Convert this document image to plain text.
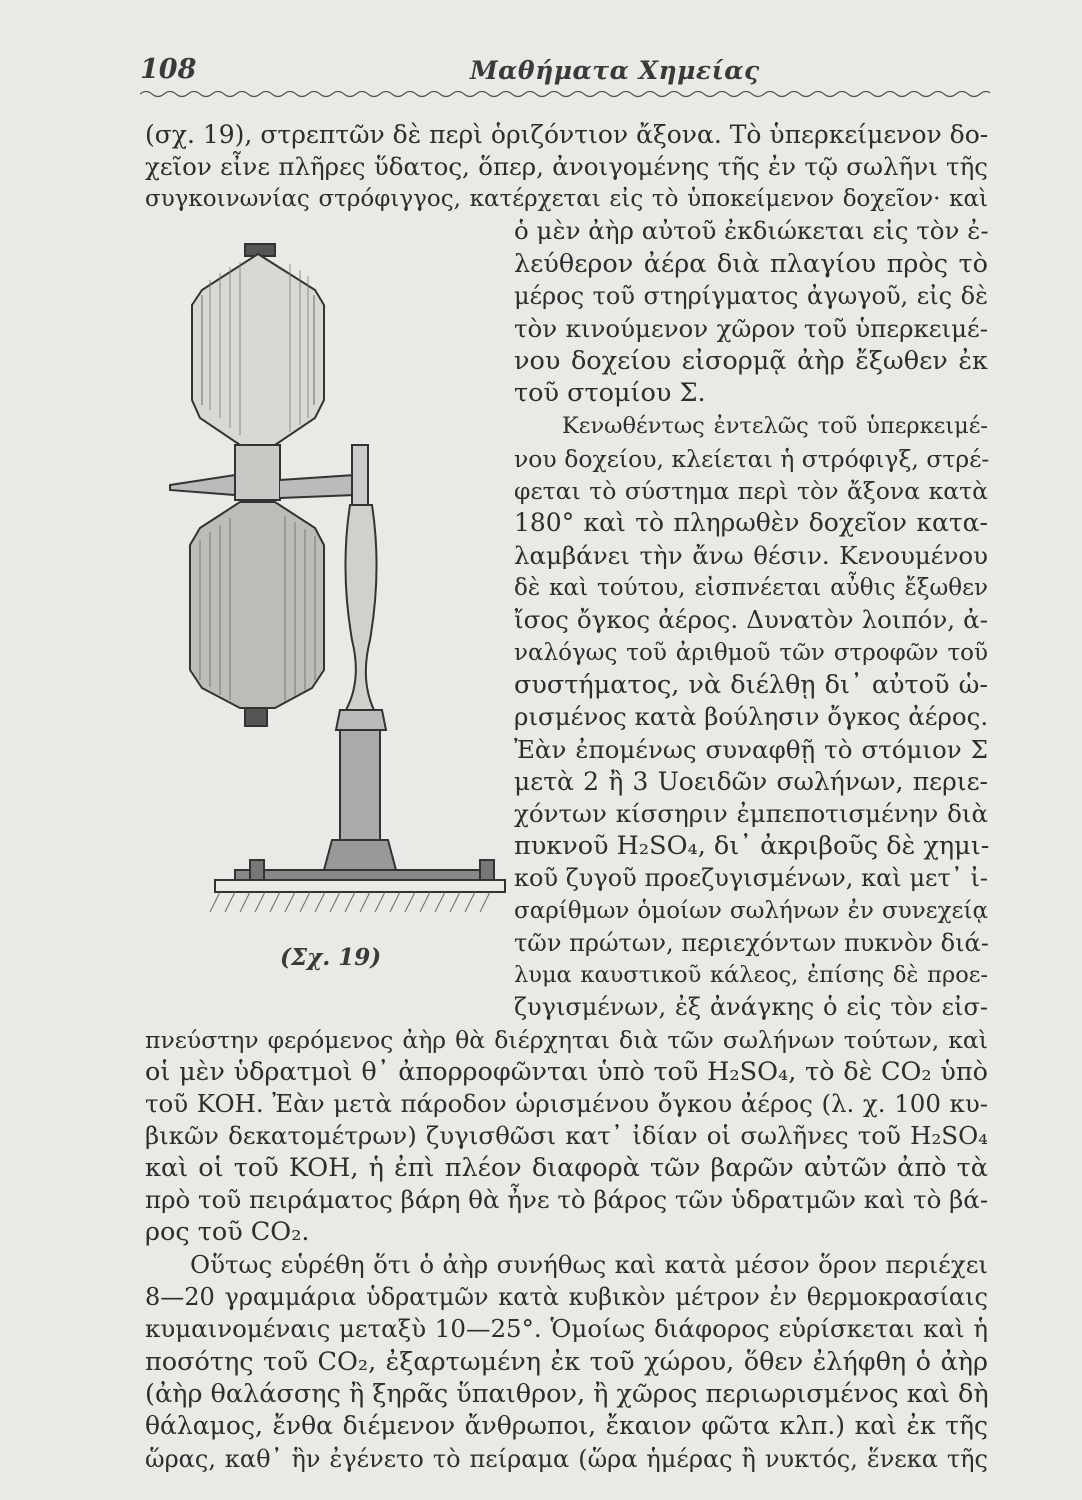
108	Μαθήματα Χημείας
(Σχ. 19)
(σχ. 19), στρεπτῶν δὲ περὶ ὁριζόντιον ἄξονα. Τὸ ὑπερκείμενον δο-
χεῖον εἶνε πλῆρες ὕδατος, ὅπερ, ἀνοιγομένης τῆς ἐν τῷ σωλῆνι τῆς
συγκοινωνίας στρόφιγγος, κατέρχεται εἰς τὸ ὑποκείμενον δοχεῖον· καὶ
ὁ μὲν ἀὴρ αὐτοῦ ἐκδιώκεται εἰς τὸν ἐ-
λεύθερον ἀέρα διὰ πλαγίου πρὸς τὸ
μέρος τοῦ στηρίγματος ἀγωγοῦ, εἰς δὲ
τὸν κινούμενον χῶρον τοῦ ὑπερκειμέ-
νου δοχείου εἰσορμᾷ ἀὴρ ἔξωθεν ἐκ
τοῦ στομίου Σ.
Κενωθέντως ἐντελῶς τοῦ ὑπερκειμέ-
νου δοχείου, κλείεται ἡ στρόφιγξ, στρέ-
φεται τὸ σύστημα περὶ τὸν ἄξονα κατὰ
180° καὶ τὸ πληρωθὲν δοχεῖον κατα-
λαμβάνει τὴν ἄνω θέσιν. Κενουμένου
δὲ καὶ τούτου, εἰσπνέεται αὖθις ἔξωθεν
ἴσος ὄγκος ἀέρος. Δυνατὸν λοιπόν, ἀ-
ναλόγως τοῦ ἀριθμοῦ τῶν στροφῶν τοῦ
συστήματος, νὰ διέλθῃ δι᾽ αὐτοῦ ὡ-
ρισμένος κατὰ βούλησιν ὄγκος ἀέρος.
Ἐὰν ἐπομένως συναφθῇ τὸ στόμιον Σ
μετὰ 2 ἢ 3 Uοειδῶν σωλήνων, περιε-
χόντων κίσσηριν ἐμπεποτισμένην διὰ
πυκνοῦ H₂SO₄, δι᾽ ἀκριβοῦς δὲ χημι-
κοῦ ζυγοῦ προεζυγισμένων, καὶ μετ᾽ ἰ-
σαρίθμων ὁμοίων σωλήνων ἐν συνεχείᾳ
τῶν πρώτων, περιεχόντων πυκνὸν διά-
λυμα καυστικοῦ κάλεος, ἐπίσης δὲ προε-
ζυγισμένων, ἐξ ἀνάγκης ὁ εἰς τὸν εἰσ-
πνεύστην φερόμενος ἀὴρ θὰ διέρχηται διὰ τῶν σωλήνων τούτων, καὶ
οἱ μὲν ὑδρατμοὶ θ᾽ ἀπορροφῶνται ὑπὸ τοῦ H₂SO₄, τὸ δὲ CO₂ ὑπὸ
τοῦ KOH. Ἐὰν μετὰ πάροδον ὡρισμένου ὄγκου ἀέρος (λ. χ. 100 κυ-
βικῶν δεκατομέτρων) ζυγισθῶσι κατ᾽ ἰδίαν οἱ σωλῆνες τοῦ H₂SO₄
καὶ οἱ τοῦ KOH, ἡ ἐπὶ πλέον διαφορὰ τῶν βαρῶν αὐτῶν ἀπὸ τὰ
πρὸ τοῦ πειράματος βάρη θὰ ἦνε τὸ βάρος τῶν ὑδρατμῶν καὶ τὸ βά-
ρος τοῦ CO₂.
Οὕτως εὑρέθη ὅτι ὁ ἀὴρ συνήθως καὶ κατὰ μέσον ὅρον περιέχει
8—20 γραμμάρια ὑδρατμῶν κατὰ κυβικὸν μέτρον ἐν θερμοκρασίαις
κυμαινομέναις μεταξὺ 10—25°. Ὁμοίως διάφορος εὑρίσκεται καὶ ἡ
ποσότης τοῦ CO₂, ἐξαρτωμένη ἐκ τοῦ χώρου, ὅθεν ἐλήφθη ὁ ἀὴρ
(ἀὴρ θαλάσσης ἢ ξηρᾶς ὕπαιθρον, ἢ χῶρος περιωρισμένος καὶ δὴ
θάλαμος, ἔνθα διέμενον ἄνθρωποι, ἔκαιον φῶτα κλπ.) καὶ ἐκ τῆς
ὥρας, καθ᾽ ἣν ἐγένετο τὸ πείραμα (ὥρα ἡμέρας ἢ νυκτός, ἕνεκα τῆς
